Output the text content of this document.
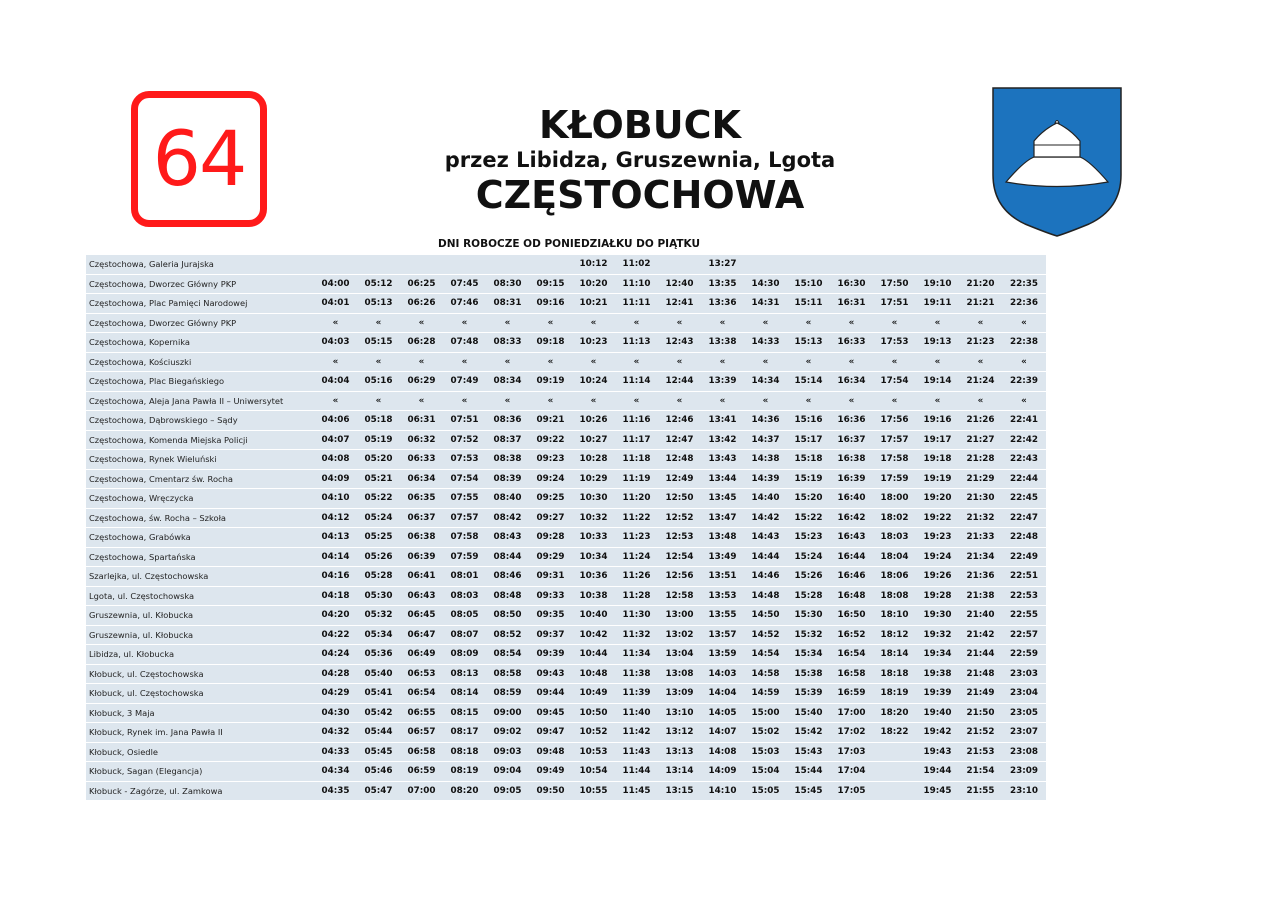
64	KŁOBUCK
przez Libidza, Gruszewnia, Lgota
CZĘSTOCHOWA
DNI ROBOCZE OD PONIEDZIAŁKU DO PIĄTKU
Częstochowa, Galeria Jurajska							10:12	11:02		13:27							
Częstochowa, Dworzec Główny PKP	04:00	05:12	06:25	07:45	08:30	09:15	10:20	11:10	12:40	13:35	14:30	15:10	16:30	17:50	19:10	21:20	22:35
Częstochowa, Plac Pamięci Narodowej	04:01	05:13	06:26	07:46	08:31	09:16	10:21	11:11	12:41	13:36	14:31	15:11	16:31	17:51	19:11	21:21	22:36
Częstochowa, Dworzec Główny PKP	«	«	«	«	«	«	«	«	«	«	«	«	«	«	«	«	«
Częstochowa, Kopernika	04:03	05:15	06:28	07:48	08:33	09:18	10:23	11:13	12:43	13:38	14:33	15:13	16:33	17:53	19:13	21:23	22:38
Częstochowa, Kościuszki	«	«	«	«	«	«	«	«	«	«	«	«	«	«	«	«	«
Częstochowa, Plac Biegańskiego	04:04	05:16	06:29	07:49	08:34	09:19	10:24	11:14	12:44	13:39	14:34	15:14	16:34	17:54	19:14	21:24	22:39
Częstochowa, Aleja Jana Pawła II – Uniwersytet	«	«	«	«	«	«	«	«	«	«	«	«	«	«	«	«	«
Częstochowa, Dąbrowskiego – Sądy	04:06	05:18	06:31	07:51	08:36	09:21	10:26	11:16	12:46	13:41	14:36	15:16	16:36	17:56	19:16	21:26	22:41
Częstochowa, Komenda Miejska Policji	04:07	05:19	06:32	07:52	08:37	09:22	10:27	11:17	12:47	13:42	14:37	15:17	16:37	17:57	19:17	21:27	22:42
Częstochowa, Rynek Wieluński	04:08	05:20	06:33	07:53	08:38	09:23	10:28	11:18	12:48	13:43	14:38	15:18	16:38	17:58	19:18	21:28	22:43
Częstochowa, Cmentarz św. Rocha	04:09	05:21	06:34	07:54	08:39	09:24	10:29	11:19	12:49	13:44	14:39	15:19	16:39	17:59	19:19	21:29	22:44
Częstochowa, Wręczycka	04:10	05:22	06:35	07:55	08:40	09:25	10:30	11:20	12:50	13:45	14:40	15:20	16:40	18:00	19:20	21:30	22:45
Częstochowa, św. Rocha – Szkoła	04:12	05:24	06:37	07:57	08:42	09:27	10:32	11:22	12:52	13:47	14:42	15:22	16:42	18:02	19:22	21:32	22:47
Częstochowa, Grabówka	04:13	05:25	06:38	07:58	08:43	09:28	10:33	11:23	12:53	13:48	14:43	15:23	16:43	18:03	19:23	21:33	22:48
Częstochowa, Spartańska	04:14	05:26	06:39	07:59	08:44	09:29	10:34	11:24	12:54	13:49	14:44	15:24	16:44	18:04	19:24	21:34	22:49
Szarlejka, ul. Częstochowska	04:16	05:28	06:41	08:01	08:46	09:31	10:36	11:26	12:56	13:51	14:46	15:26	16:46	18:06	19:26	21:36	22:51
Lgota, ul. Częstochowska	04:18	05:30	06:43	08:03	08:48	09:33	10:38	11:28	12:58	13:53	14:48	15:28	16:48	18:08	19:28	21:38	22:53
Gruszewnia, ul. Kłobucka	04:20	05:32	06:45	08:05	08:50	09:35	10:40	11:30	13:00	13:55	14:50	15:30	16:50	18:10	19:30	21:40	22:55
Gruszewnia, ul. Kłobucka	04:22	05:34	06:47	08:07	08:52	09:37	10:42	11:32	13:02	13:57	14:52	15:32	16:52	18:12	19:32	21:42	22:57
Libidza, ul. Kłobucka	04:24	05:36	06:49	08:09	08:54	09:39	10:44	11:34	13:04	13:59	14:54	15:34	16:54	18:14	19:34	21:44	22:59
Kłobuck, ul. Częstochowska	04:28	05:40	06:53	08:13	08:58	09:43	10:48	11:38	13:08	14:03	14:58	15:38	16:58	18:18	19:38	21:48	23:03
Kłobuck, ul. Częstochowska	04:29	05:41	06:54	08:14	08:59	09:44	10:49	11:39	13:09	14:04	14:59	15:39	16:59	18:19	19:39	21:49	23:04
Kłobuck, 3 Maja	04:30	05:42	06:55	08:15	09:00	09:45	10:50	11:40	13:10	14:05	15:00	15:40	17:00	18:20	19:40	21:50	23:05
Kłobuck, Rynek im. Jana Pawła II	04:32	05:44	06:57	08:17	09:02	09:47	10:52	11:42	13:12	14:07	15:02	15:42	17:02	18:22	19:42	21:52	23:07
Kłobuck, Osiedle	04:33	05:45	06:58	08:18	09:03	09:48	10:53	11:43	13:13	14:08	15:03	15:43	17:03		19:43	21:53	23:08
Kłobuck, Sagan (Elegancja)	04:34	05:46	06:59	08:19	09:04	09:49	10:54	11:44	13:14	14:09	15:04	15:44	17:04		19:44	21:54	23:09
Kłobuck - Zagórze, ul. Zamkowa	04:35	05:47	07:00	08:20	09:05	09:50	10:55	11:45	13:15	14:10	15:05	15:45	17:05		19:45	21:55	23:10
